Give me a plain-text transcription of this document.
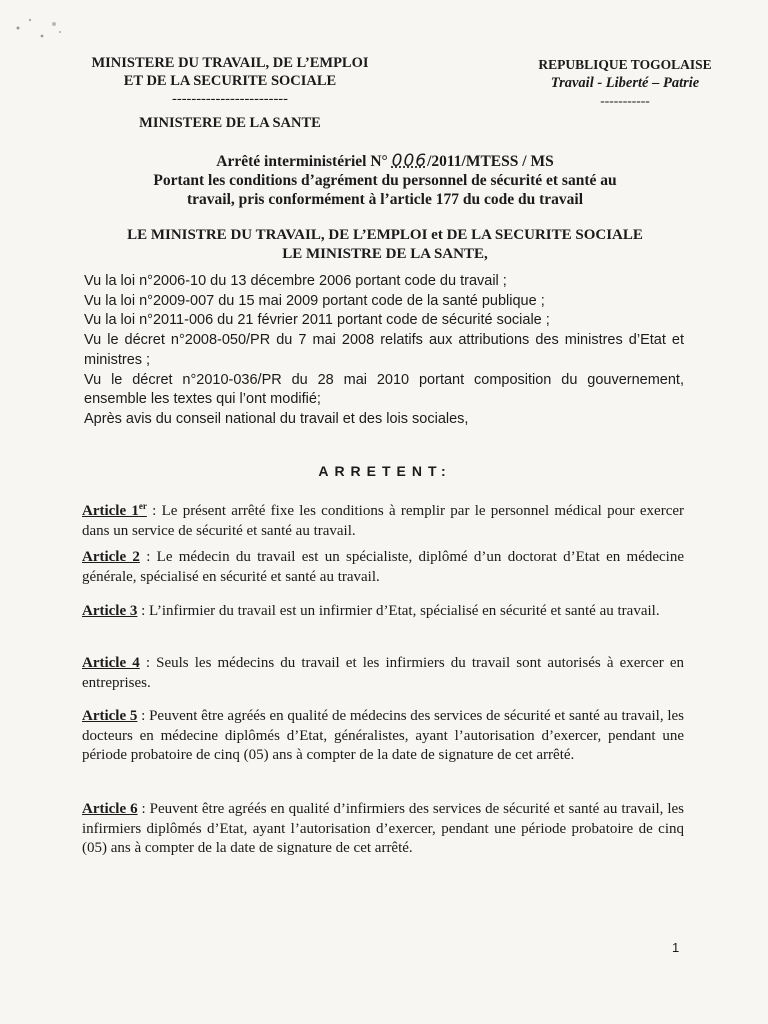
MINISTERE DU TRAVAIL, DE L’EMPLOI
ET DE LA SECURITE SOCIALE
------------------------
MINISTERE DE LA SANTE
REPUBLIQUE TOGOLAISE
Travail - Liberté – Patrie
-----------
Arrêté interministériel N° 006/2011/MTESS / MS
Portant les conditions d’agrément du personnel de sécurité et santé au
travail, pris conformément à l’article 177 du code du travail
LE MINISTRE DU TRAVAIL, DE L’EMPLOI et DE LA SECURITE SOCIALE
LE MINISTRE DE LA SANTE,
Vu la loi n°2006-10 du 13 décembre 2006 portant code du travail ;
Vu la loi n°2009-007 du 15 mai 2009 portant code de la santé publique ;
Vu la loi n°2011-006 du 21 février 2011 portant code de sécurité sociale ;
Vu le décret n°2008-050/PR du 7 mai 2008 relatifs aux attributions des ministres d’Etat et ministres ;
Vu le décret n°2010-036/PR du 28 mai 2010 portant composition du gouvernement, ensemble les textes qui l’ont modifié;
Après avis du conseil national du travail et des lois sociales,
ARRETENT:
Article 1er : Le présent arrêté fixe les conditions à remplir par le personnel médical pour exercer dans un service de sécurité et santé au travail.
Article 2 : Le médecin du travail est un spécialiste, diplômé d’un doctorat d’Etat en médecine générale, spécialisé en sécurité et santé au travail.
Article 3 : L’infirmier du travail est un infirmier d’Etat, spécialisé en sécurité et santé au travail.
Article 4 : Seuls les médecins du travail et les infirmiers du travail sont autorisés à exercer en entreprises.
Article 5 : Peuvent être agréés en qualité de médecins des services de sécurité et santé au travail, les docteurs en médecine diplômés d’Etat, généralistes, ayant l’autorisation d’exercer, pendant une période probatoire de cinq (05) ans à compter de la date de signature de cet arrêté.
Article 6 : Peuvent être agréés en qualité d’infirmiers des services de sécurité et santé au travail, les infirmiers diplômés d’Etat, ayant l’autorisation d’exercer, pendant une période probatoire de cinq (05) ans à compter de la date de signature de cet arrêté.
1
